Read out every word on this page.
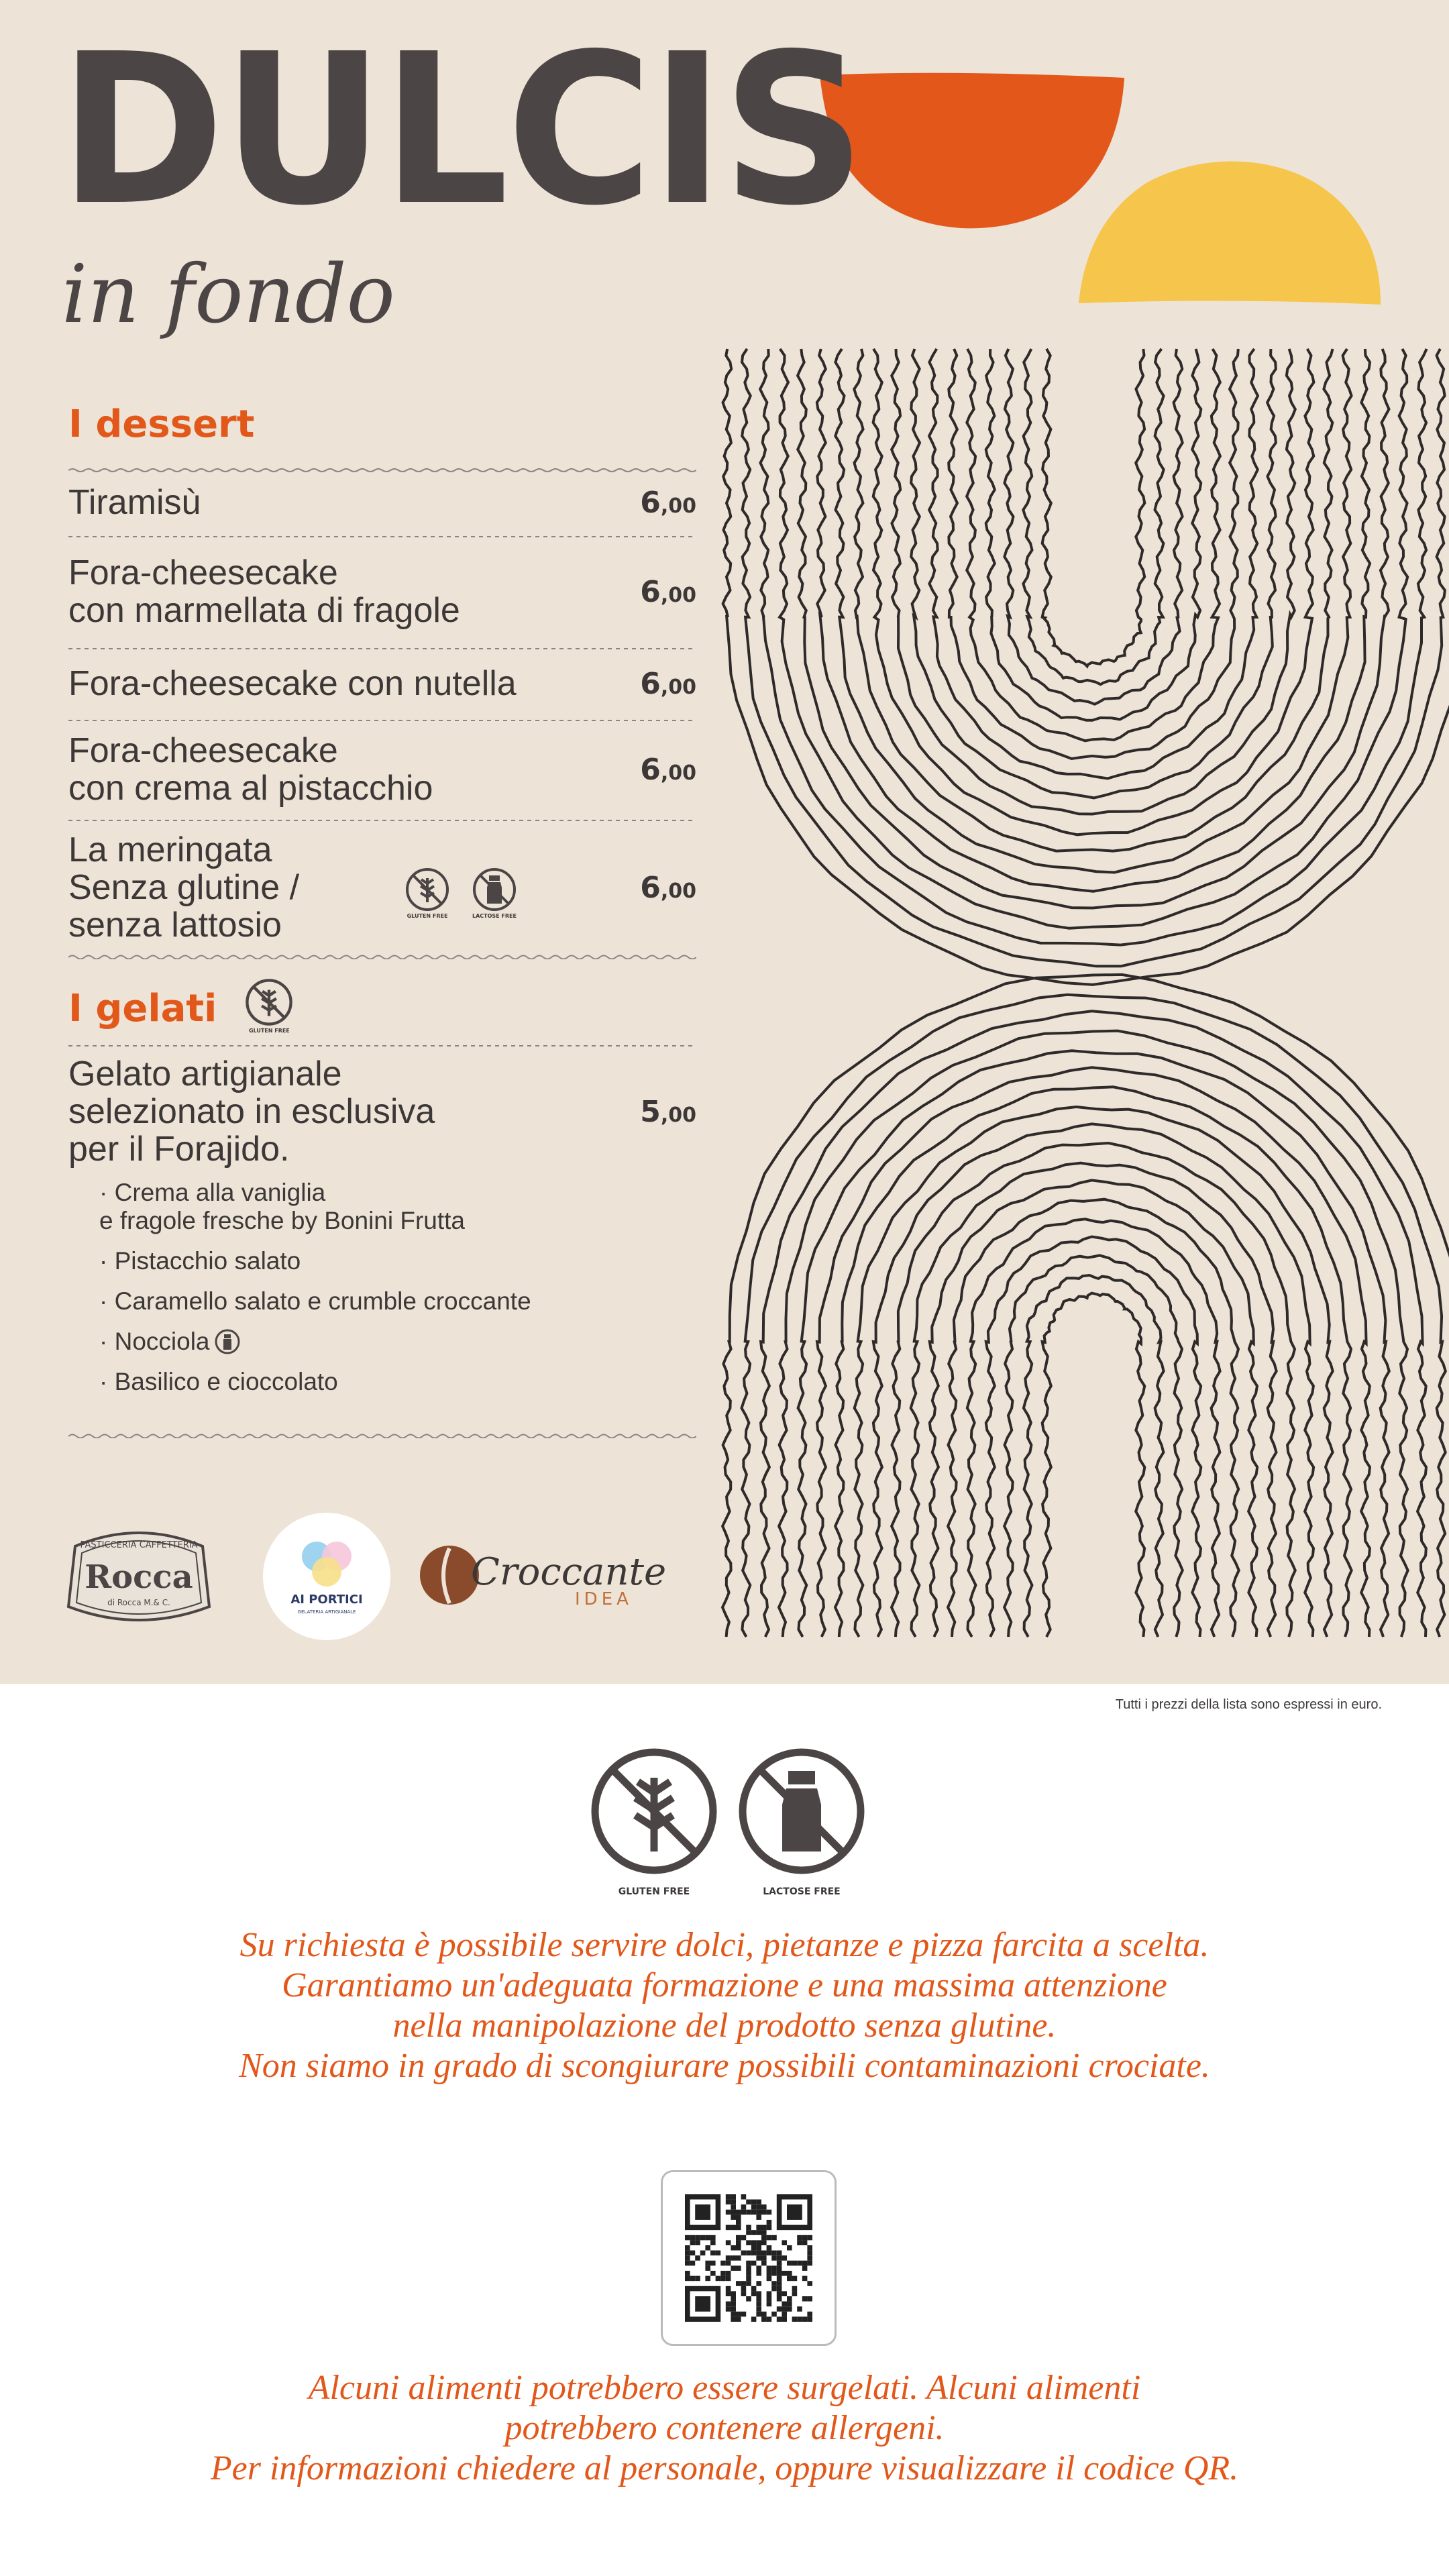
DULCIS
in fondo
I dessert
Tiramisù	6,00
Fora-cheesecake
con marmellata di fragole	6,00
Fora-cheesecake con nutella	6,00
Fora-cheesecake
con crema al pistacchio	6,00
La meringata
Senza glutine /
senza lattosio	GLUTEN FREE	LACTOSE FREE
6,00
I gelati
GLUTEN FREE
Gelato artigianale
selezionato in esclusiva
per il Forajido.
5,00
· Crema alla vaniglia
e fragole fresche by Bonini Frutta
· Pistacchio salato
· Caramello salato e crumble croccante
· Nocciola
· Basilico e cioccolato
PASTICCERIA CAFFETTERIA
Rocca
di Rocca M.& C.	AI PORTICI
GELATERIA ARTIGIANALE
Croccante
IDEA
Tutti i prezzi della lista sono espressi in euro.
GLUTEN FREE	LACTOSE FREE
Su richiesta è possibile servire dolci, pietanze e pizza farcita a scelta.
Garantiamo un'adeguata formazione e una massima attenzione
nella manipolazione del prodotto senza glutine.
Non siamo in grado di scongiurare possibili contaminazioni crociate.
Alcuni alimenti potrebbero essere surgelati. Alcuni alimenti
potrebbero contenere allergeni.
Per informazioni chiedere al personale, oppure visualizzare il codice QR.
